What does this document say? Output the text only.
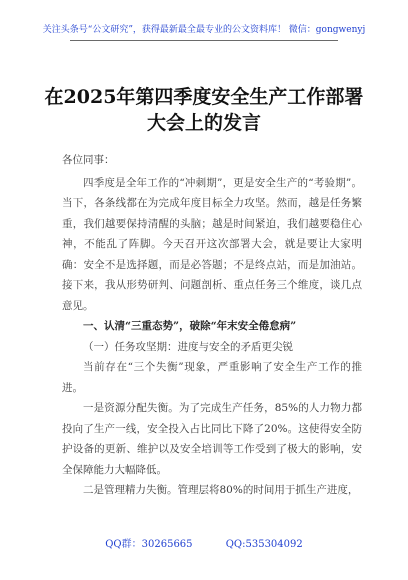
关注头条号“公文研究”，获得最新最全最专业的公文资料库！ 微信：gongwenyj
在2025年第四季度安全生产工作部署
大会上的发言

各位同事：

四季度是全年工作的“冲刺期”，更是安全生产的“考验期”。当下，各条线都在为完成年度目标全力攻坚。然而，越是任务繁重，我们越要保持清醒的头脑；越是时间紧迫，我们越要稳住心神，不能乱了阵脚。今天召开这次部署大会，就是要让大家明确：安全不是选择题，而是必答题；不是终点站，而是加油站。接下来，我从形势研判、问题剖析、重点任务三个维度，谈几点意见。

一、认清“三重态势”，破除“年末安全倦怠病”

（一）任务攻坚期：进度与安全的矛盾更尖锐

当前存在“三个失衡”现象，严重影响了安全生产工作的推进。

一是资源分配失衡。为了完成生产任务，85%的人力物力都投向了生产一线，安全投入占比同比下降了20%。这使得安全防护设备的更新、维护以及安全培训等工作受到了极大的影响，安全保障能力大幅降低。

二是管理精力失衡。管理层将80%的时间用于抓生产进度，

QQ群：30265665	QQ:535304092
